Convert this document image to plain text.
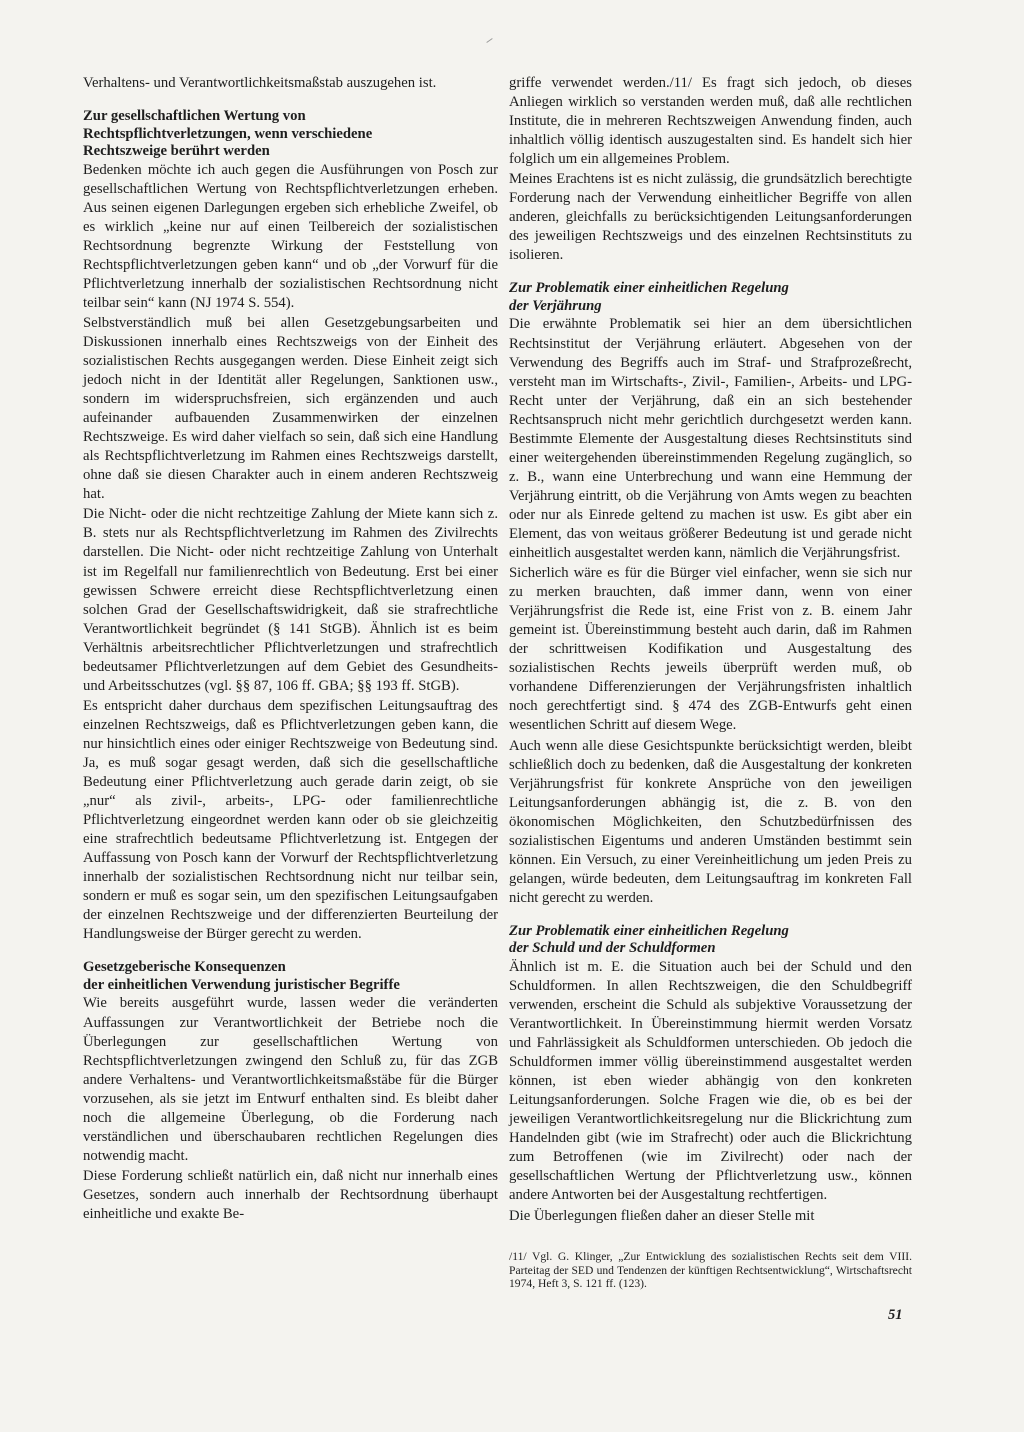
Verhaltens- und Verantwortlichkeitsmaßstab auszugehen ist.

Zur gesellschaftlichen Wertung von
Rechtspflichtverletzungen, wenn verschiedene
Rechtszweige berührt werden

Bedenken möchte ich auch gegen die Ausführungen von Posch zur gesellschaftlichen Wertung von Rechtspflichtverletzungen erheben. Aus seinen eigenen Darlegungen ergeben sich erhebliche Zweifel, ob es wirklich „keine nur auf einen Teilbereich der sozialistischen Rechtsordnung begrenzte Wirkung der Feststellung von Rechtspflichtverletzungen geben kann“ und ob „der Vorwurf für die Pflichtverletzung innerhalb der sozialistischen Rechtsordnung nicht teilbar sein“ kann (NJ 1974 S. 554).

Selbstverständlich muß bei allen Gesetzgebungsarbeiten und Diskussionen innerhalb eines Rechtszweigs von der Einheit des sozialistischen Rechts ausgegangen werden. Diese Einheit zeigt sich jedoch nicht in der Identität aller Regelungen, Sanktionen usw., sondern im widerspruchsfreien, sich ergänzenden und auch aufeinander aufbauenden Zusammenwirken der einzelnen Rechtszweige. Es wird daher vielfach so sein, daß sich eine Handlung als Rechtspflichtverletzung im Rahmen eines Rechtszweigs darstellt, ohne daß sie diesen Charakter auch in einem anderen Rechtszweig hat.

Die Nicht- oder die nicht rechtzeitige Zahlung der Miete kann sich z. B. stets nur als Rechtspflichtverletzung im Rahmen des Zivilrechts darstellen. Die Nicht- oder nicht rechtzeitige Zahlung von Unterhalt ist im Regelfall nur familienrechtlich von Bedeutung. Erst bei einer gewissen Schwere erreicht diese Rechtspflichtverletzung einen solchen Grad der Gesellschaftswidrigkeit, daß sie strafrechtliche Verantwortlichkeit begründet (§ 141 StGB). Ähnlich ist es beim Verhältnis arbeitsrechtlicher Pflichtverletzungen und strafrechtlich bedeutsamer Pflichtverletzungen auf dem Gebiet des Gesundheits- und Arbeitsschutzes (vgl. §§ 87, 106 ff. GBA; §§ 193 ff. StGB).

Es entspricht daher durchaus dem spezifischen Leitungsauftrag des einzelnen Rechtszweigs, daß es Pflichtverletzungen geben kann, die nur hinsichtlich eines oder einiger Rechtszweige von Bedeutung sind. Ja, es muß sogar gesagt werden, daß sich die gesellschaftliche Bedeutung einer Pflichtverletzung auch gerade darin zeigt, ob sie „nur“ als zivil-, arbeits-, LPG- oder familienrechtliche Pflichtverletzung eingeordnet werden kann oder ob sie gleichzeitig eine strafrechtlich bedeutsame Pflichtverletzung ist. Entgegen der Auffassung von Posch kann der Vorwurf der Rechtspflichtverletzung innerhalb der sozialistischen Rechtsordnung nicht nur teilbar sein, sondern er muß es sogar sein, um den spezifischen Leitungsaufgaben der einzelnen Rechtszweige und der differenzierten Beurteilung der Handlungsweise der Bürger gerecht zu werden.

Gesetzgeberische Konsequenzen
der einheitlichen Verwendung juristischer Begriffe

Wie bereits ausgeführt wurde, lassen weder die veränderten Auffassungen zur Verantwortlichkeit der Betriebe noch die Überlegungen zur gesellschaftlichen Wertung von Rechtspflichtverletzungen zwingend den Schluß zu, für das ZGB andere Verhaltens- und Verantwortlichkeitsmaßstäbe für die Bürger vorzusehen, als sie jetzt im Entwurf enthalten sind. Es bleibt daher noch die allgemeine Überlegung, ob die Forderung nach verständlichen und überschaubaren rechtlichen Regelungen dies notwendig macht.

Diese Forderung schließt natürlich ein, daß nicht nur innerhalb eines Gesetzes, sondern auch innerhalb der Rechtsordnung überhaupt einheitliche und exakte Be-

griffe verwendet werden./11/ Es fragt sich jedoch, ob dieses Anliegen wirklich so verstanden werden muß, daß alle rechtlichen Institute, die in mehreren Rechtszweigen Anwendung finden, auch inhaltlich völlig identisch auszugestalten sind. Es handelt sich hier folglich um ein allgemeines Problem.

Meines Erachtens ist es nicht zulässig, die grundsätzlich berechtigte Forderung nach der Verwendung einheitlicher Begriffe von allen anderen, gleichfalls zu berücksichtigenden Leitungsanforderungen des jeweiligen Rechtszweigs und des einzelnen Rechtsinstituts zu isolieren.

Zur Problematik einer einheitlichen Regelung
der Verjährung

Die erwähnte Problematik sei hier an dem übersichtlichen Rechtsinstitut der Verjährung erläutert. Abgesehen von der Verwendung des Begriffs auch im Straf- und Strafprozeßrecht, versteht man im Wirtschafts-, Zivil-, Familien-, Arbeits- und LPG-Recht unter der Verjährung, daß ein an sich bestehender Rechtsanspruch nicht mehr gerichtlich durchgesetzt werden kann. Bestimmte Elemente der Ausgestaltung dieses Rechtsinstituts sind einer weitergehenden übereinstimmenden Regelung zugänglich, so z. B., wann eine Unterbrechung und wann eine Hemmung der Verjährung eintritt, ob die Verjährung von Amts wegen zu beachten oder nur als Einrede geltend zu machen ist usw. Es gibt aber ein Element, das von weitaus größerer Bedeutung ist und gerade nicht einheitlich ausgestaltet werden kann, nämlich die Verjährungsfrist.

Sicherlich wäre es für die Bürger viel einfacher, wenn sie sich nur zu merken brauchten, daß immer dann, wenn von einer Verjährungsfrist die Rede ist, eine Frist von z. B. einem Jahr gemeint ist. Übereinstimmung besteht auch darin, daß im Rahmen der schrittweisen Kodifikation und Ausgestaltung des sozialistischen Rechts jeweils überprüft werden muß, ob vorhandene Differenzierungen der Verjährungsfristen inhaltlich noch gerechtfertigt sind. § 474 des ZGB-Entwurfs geht einen wesentlichen Schritt auf diesem Wege.

Auch wenn alle diese Gesichtspunkte berücksichtigt werden, bleibt schließlich doch zu bedenken, daß die Ausgestaltung der konkreten Verjährungsfrist für konkrete Ansprüche von den jeweiligen Leitungsanforderungen abhängig ist, die z. B. von den ökonomischen Möglichkeiten, den Schutzbedürfnissen des sozialistischen Eigentums und anderen Umständen bestimmt sein können. Ein Versuch, zu einer Vereinheitlichung um jeden Preis zu gelangen, würde bedeuten, dem Leitungsauftrag im konkreten Fall nicht gerecht zu werden.

Zur Problematik einer einheitlichen Regelung
der Schuld und der Schuldformen

Ähnlich ist m. E. die Situation auch bei der Schuld und den Schuldformen. In allen Rechtszweigen, die den Schuldbegriff verwenden, erscheint die Schuld als subjektive Voraussetzung der Verantwortlichkeit. In Übereinstimmung hiermit werden Vorsatz und Fahrlässigkeit als Schuldformen unterschieden. Ob jedoch die Schuldformen immer völlig übereinstimmend ausgestaltet werden können, ist eben wieder abhängig von den konkreten Leitungsanforderungen. Solche Fragen wie die, ob es bei der jeweiligen Verantwortlichkeitsregelung nur die Blickrichtung zum Handelnden gibt (wie im Strafrecht) oder auch die Blickrichtung zum Betroffenen (wie im Zivilrecht) oder nach der gesellschaftlichen Wertung der Pflichtverletzung usw., können andere Antworten bei der Ausgestaltung rechtfertigen.

Die Überlegungen fließen daher an dieser Stelle mit

/11/ Vgl. G. Klinger, „Zur Entwicklung des sozialistischen Rechts seit dem VIII. Parteitag der SED und Tendenzen der künftigen Rechtsentwicklung“, Wirtschaftsrecht 1974, Heft 3, S. 121 ff. (123).
51
